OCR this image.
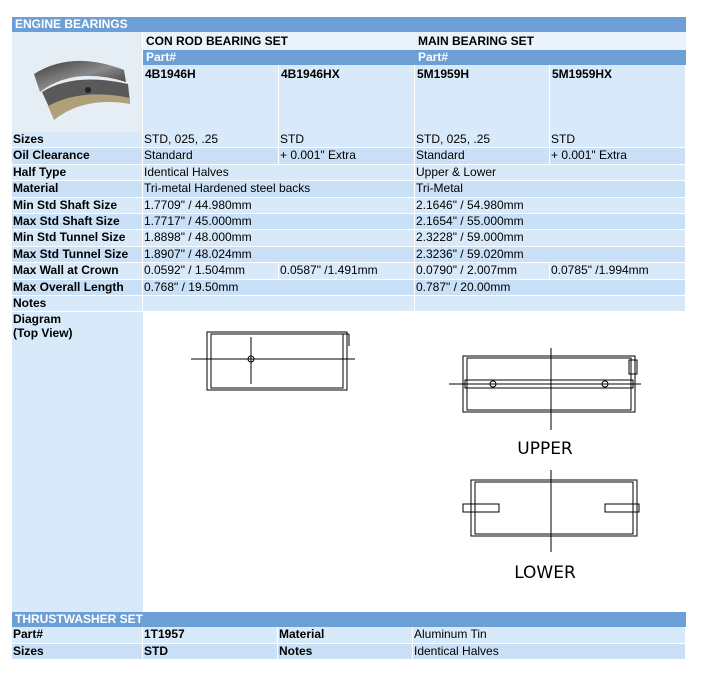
ENGINE BEARINGS
CON ROD BEARING SET
Part#
4B1946H	4B1946HX
MAIN BEARING SET
Part#
5M1959H	5M1959HX
Sizes	STD, 025, .25	STD	STD, 025, .25	STD
Oil Clearance	Standard	+ 0.001" Extra	Standard	+ 0.001" Extra
Half Type	Identical Halves	Upper & Lower
Material	Tri-metal Hardened steel backs	Tri-Metal
Min Std Shaft Size	1.7709" / 44.980mm	2.1646" / 54.980mm
Max Std Shaft Size	1.7717" / 45.000mm	2.1654" / 55.000mm
Min Std Tunnel Size	1.8898" / 48.000mm	2.3228" / 59.000mm
Max Std Tunnel Size	1.8907" / 48.024mm	2.3236" / 59.020mm
Max Wall at Crown	0.0592" / 1.504mm	0.0587" /1.491mm	0.0790" / 2.007mm	0.0785" /1.994mm
Max Overall Length	0.768" / 19.50mm	0.787" / 20.00mm
Notes
Diagram
(Top View)
UPPER
LOWER
THRUSTWASHER SET
Part#	1T1957	Material	Aluminum Tin
Sizes	STD	Notes	Identical Halves
